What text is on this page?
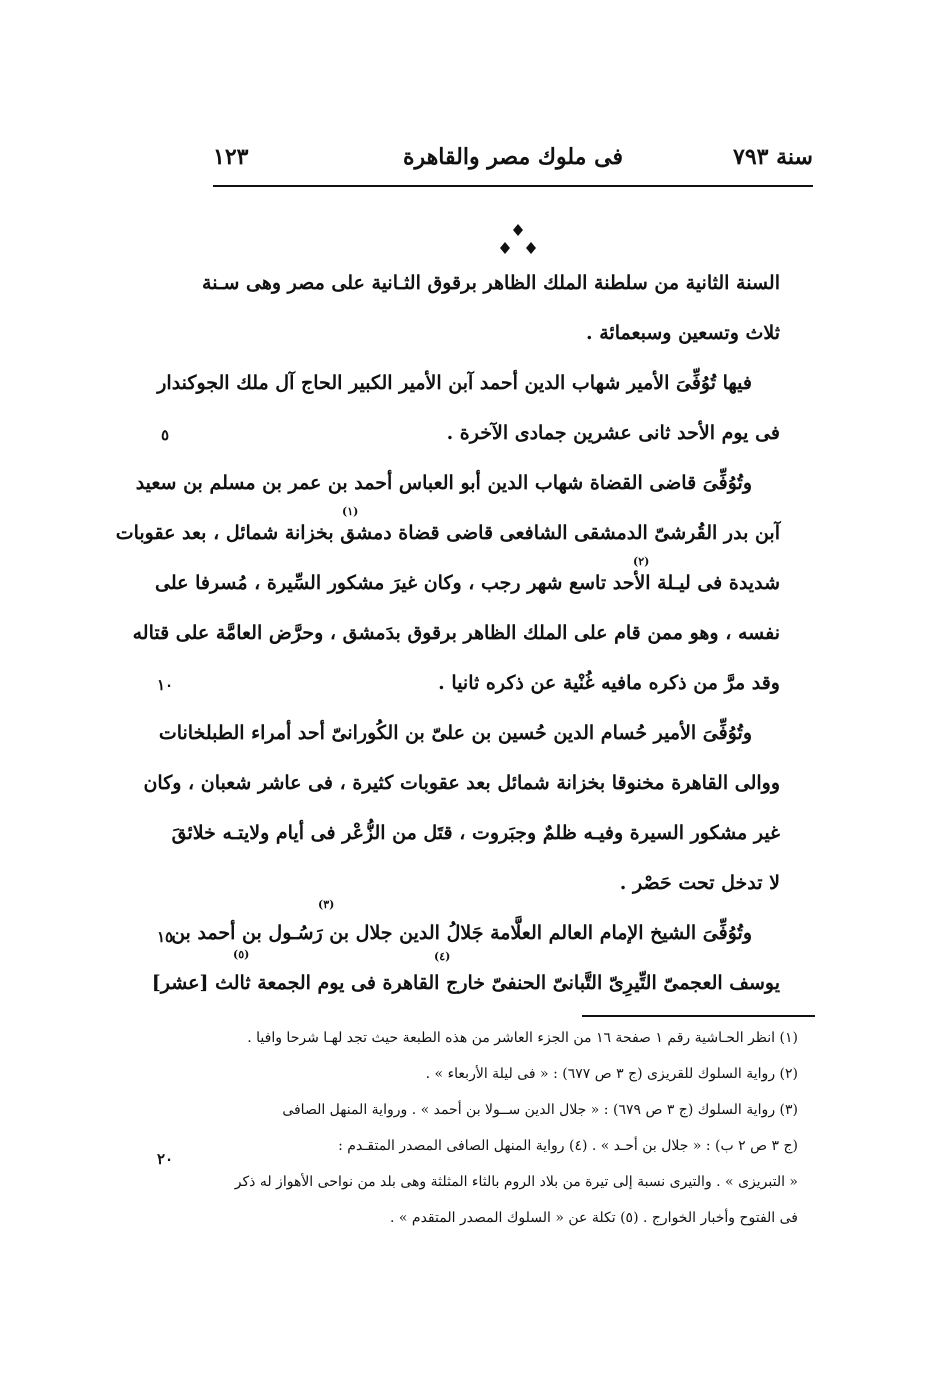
سنة ٧٩٣
فى ملوك مصر والقاهرة
١٢٣
السنة الثانية من سلطنة الملك الظاهر برقوق الثـانية على مصر وهى سـنة
ثلاث وتسعين وسبعمائة .
فيها تُوُفِّىَ الأمير شهاب الدين أحمد آبن الأمير الكبير الحاج آل ملك الجوكندار
فى يوم الأحد ثانى عشرين جمادى الآخرة .
وتُوُفِّىَ قاضى القضاة شهاب الدين أبو العباس أحمد بن عمر بن مسلم بن سعيد
آبن بدر القُرشىّ الدمشقى الشافعى قاضى قضاة دمشق بخزانة شمائل ، بعد عقوبات
شديدة فى ليـلة الأحد تاسع شهر رجب ، وكان غيرَ مشكور السِّيرة ، مُسرفا على
نفسه ، وهو ممن قام على الملك الظاهر برقوق بدَمشق ، وحرَّض العامَّة على قتاله
وقد مرَّ من ذكره مافيه غُنْية عن ذكره ثانيا .
وتُوُفِّىَ الأمير حُسام الدين حُسين بن علىّ بن الكُورانىّ أحد أمراء الطبلخانات
ووالى القاهرة مخنوقا بخزانة شمائل بعد عقوبات كثيرة ، فى عاشر شعبان ، وكان
غير مشكور السيرة وفيـه ظلمٌ وجبَروت ، قتَل من الزُّعْر فى أيام ولايتـه خلائقَ
لا تدخل تحت حَصْر .
وتُوُفِّىَ الشيخ الإمام العالم العلَّامة جَلالُ الدين جلال بن رَسُـول بن أحمد بن
يوسف العجمىّ التِّيرِىّ التَّبانىّ الحنفىّ خارج القاهرة فى يوم الجمعة ثالث [عشر]
(١)
(٢)
(٣)
(٤)
(٥)
٥
١٠
١٥
٢٠
(١) انظر الحـاشية رقم ١ صفحة ١٦ من الجزء العاشر من هذه الطبعة حيث تجد لهـا شرحا وافيا .
(٢) رواية السلوك للقريزى (ج ٣ ص ٦٧٧) : « فى ليلة الأربعاء » .
(٣) رواية السلوك (ج ٣ ص ٦٧٩) : « جلال الدين ســولا بن أحمد » . ورواية المنهل الصافى
(ج ٣ ص ٢ ب) : « جلال بن أحـد » . (٤) رواية المنهل الصافى المصدر المتقـدم :
« التبريزى » . والتيرى نسبة إلى تيرة من بلاد الروم بالثاء المثلثة وهى بلد من نواحى الأهواز له ذكر
فى الفتوح وأخبار الخوارج . (٥) تكلة عن « السلوك المصدر المتقدم » .
